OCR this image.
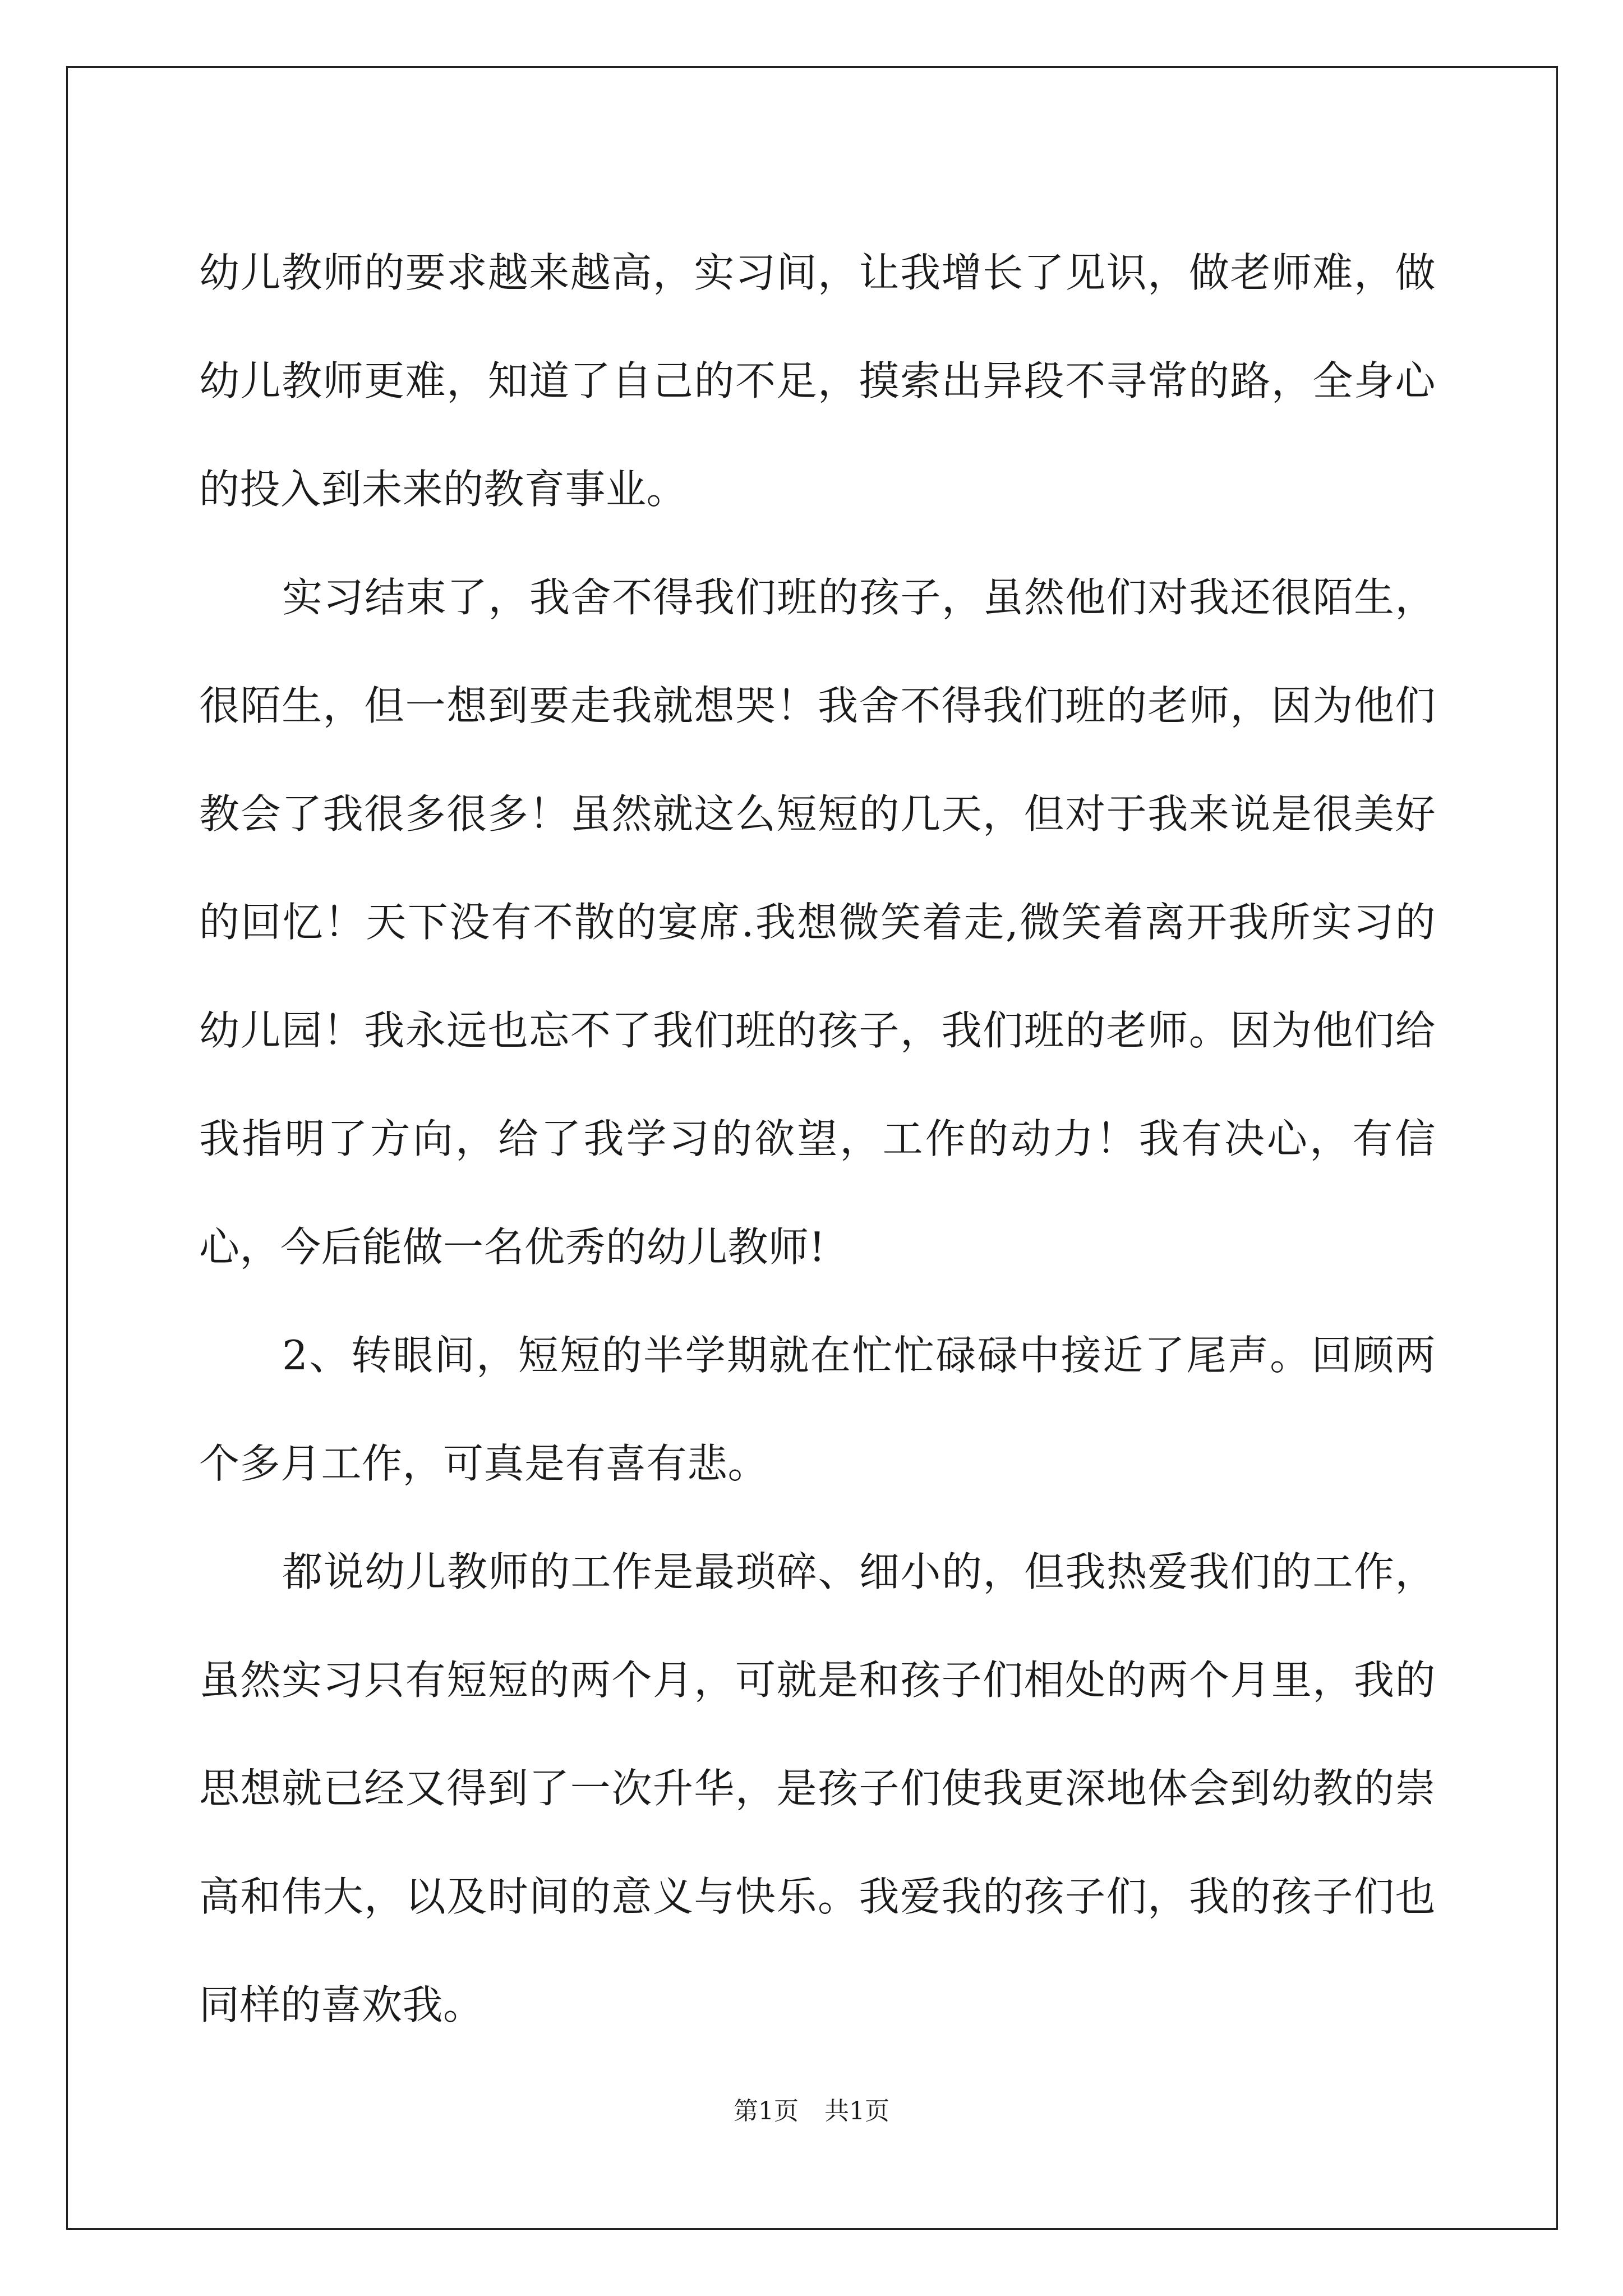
幼儿教师的要求越来越高，实习间，让我增长了见识，做老师难，做幼儿教师更难，知道了自己的不足，摸索出异段不寻常的路，全身心的投入到未来的教育事业。

实习结束了，我舍不得我们班的孩子，虽然他们对我还很陌生，很陌生，但一想到要走我就想哭！我舍不得我们班的老师，因为他们教会了我很多很多！虽然就这么短短的几天，但对于我来说是很美好的回忆！天下没有不散的宴席.我想微笑着走,微笑着离开我所实习的幼儿园！我永远也忘不了我们班的孩子，我们班的老师。因为他们给我指明了方向，给了我学习的欲望，工作的动力！我有决心，有信心，今后能做一名优秀的幼儿教师!

2、转眼间，短短的半学期就在忙忙碌碌中接近了尾声。回顾两个多月工作，可真是有喜有悲。

都说幼儿教师的工作是最琐碎、细小的，但我热爱我们的工作，虽然实习只有短短的两个月，可就是和孩子们相处的两个月里，我的思想就已经又得到了一次升华，是孩子们使我更深地体会到幼教的崇高和伟大，以及时间的意义与快乐。我爱我的孩子们，我的孩子们也同样的喜欢我。

第1页 共1页
